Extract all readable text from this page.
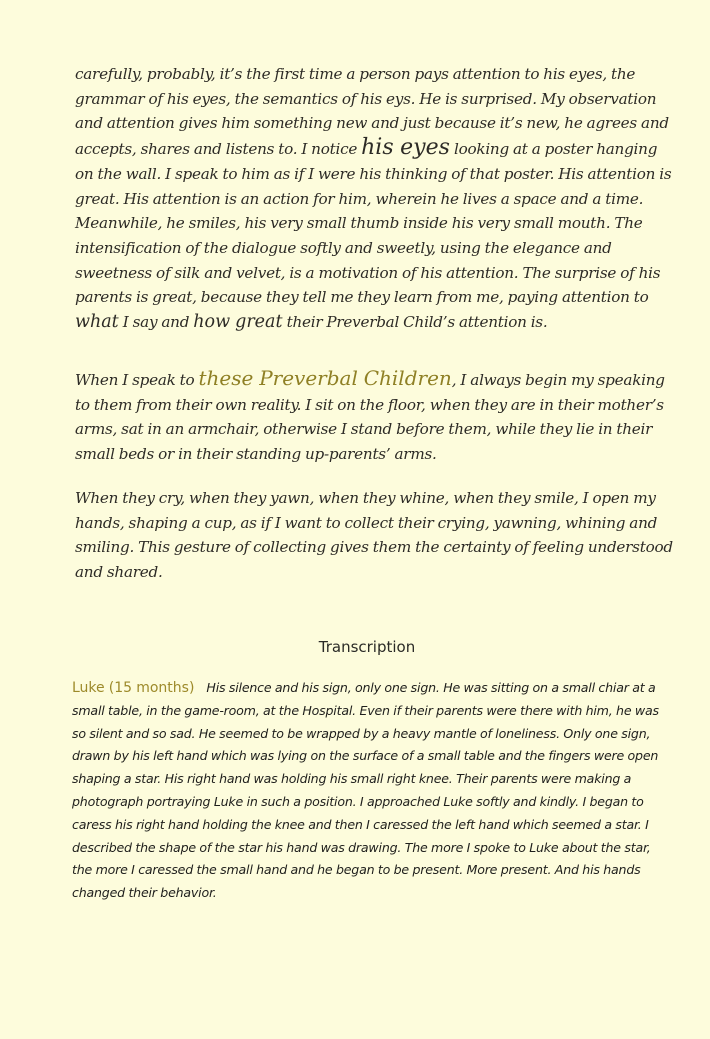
carefully, probably, it’s the first time a person pays attention to his eyes, the grammar of his eyes, the semantics of his eys. He is surprised. My observation and attention gives him something new and just because it’s new, he agrees and accepts, shares and listens to. I notice his eyes looking at a poster hanging on the wall. I speak to him as if I were his thinking of that poster. His attention is great. His attention is an action for him, wherein he lives a space and a time. Meanwhile, he smiles, his very small thumb inside his very small mouth. The intensification of the dialogue softly and sweetly, using the elegance and sweetness of silk and velvet, is a motivation of his attention. The surprise of his parents is great, because they tell me they learn from me, paying attention to what I say and how great their Preverbal Child’s attention is.

When I speak to these Preverbal Children, I always begin my speaking to them from their own reality. I sit on the floor, when they are in their mother’s arms, sat in an armchair, otherwise I stand before them, while they lie in their small beds or in their standing up-parents’ arms.

When they cry, when they yawn, when they whine, when they smile, I open my hands, shaping a cup, as if I want to collect their crying, yawning, whining and smiling. This gesture of collecting gives them the certainty of feeling understood and shared.

Transcription

Luke (15 months) His silence and his sign, only one sign. He was sitting on a small chiar at a small table, in the game-room, at the Hospital. Even if their parents were there with him, he was so silent and so sad. He seemed to be wrapped by a heavy mantle of loneliness. Only one sign, drawn by his left hand which was lying on the surface of a small table and the fingers were open shaping a star. His right hand was holding his small right knee. Their parents were making a photograph portraying Luke in such a position. I approached Luke softly and kindly. I began to caress his right hand holding the knee and then I caressed the left hand which seemed a star. I described the shape of the star his hand was drawing. The more I spoke to Luke about the star, the more I caressed the small hand and he began to be present. More present. And his hands changed their behavior.
